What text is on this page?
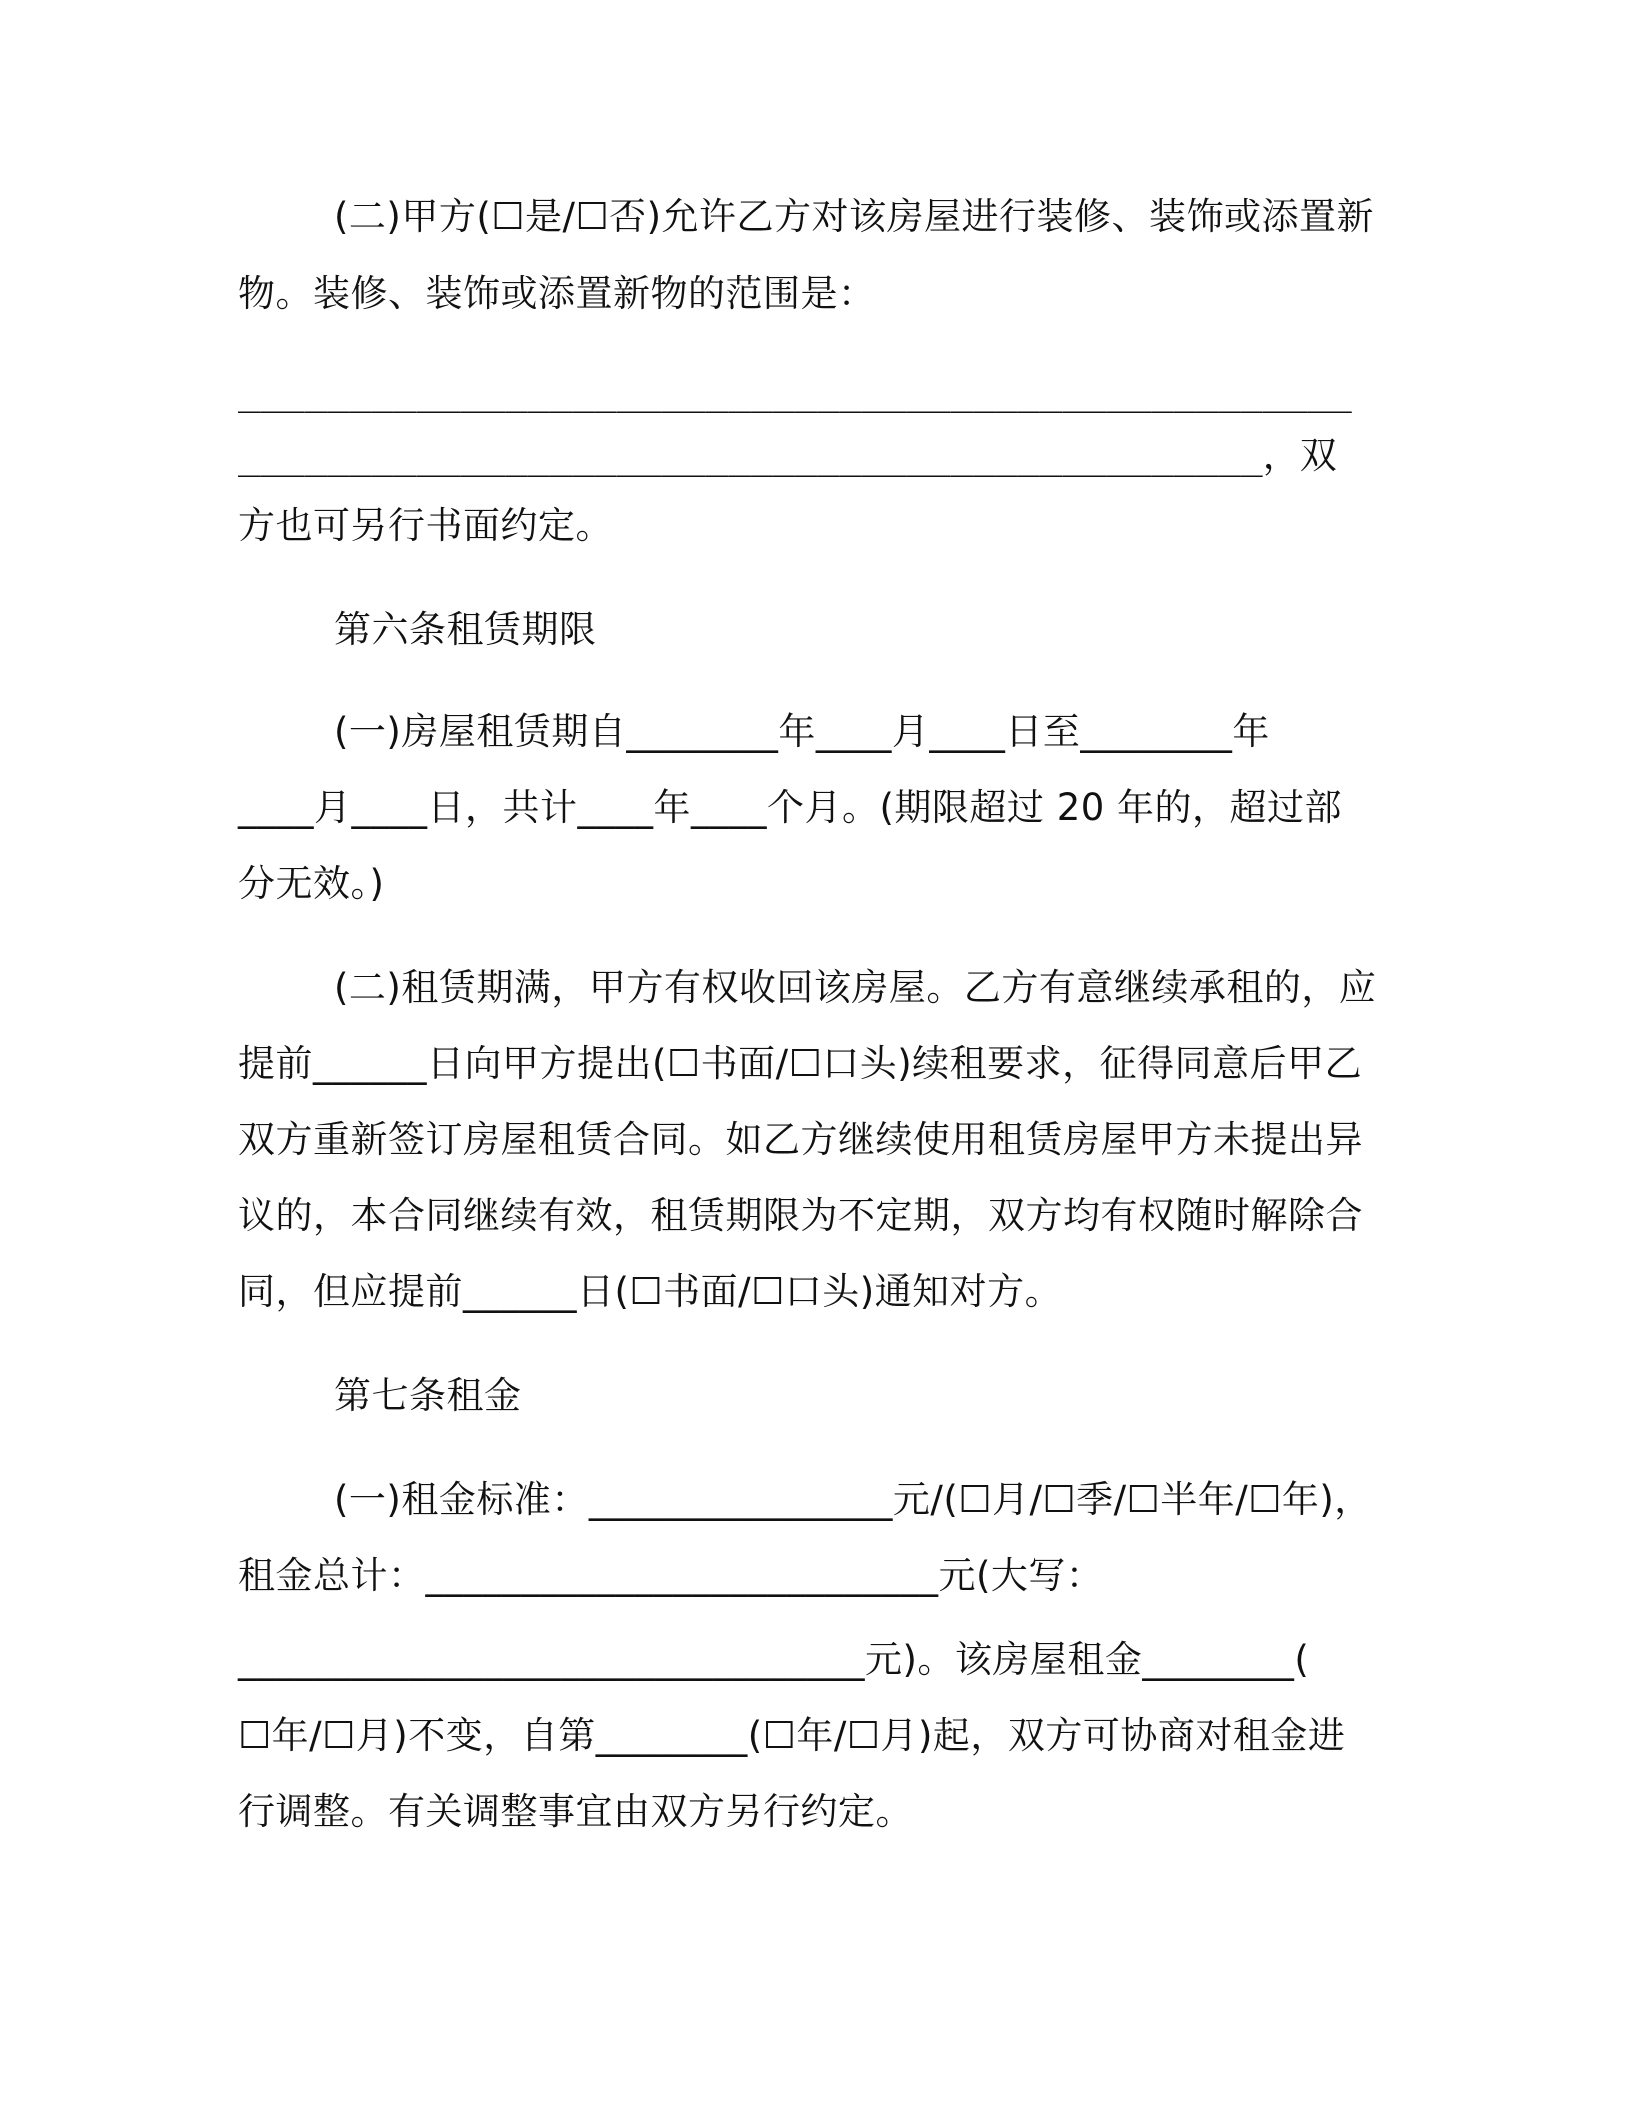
(二)甲方(☐是/☐否)允许乙方对该房屋进行装修、装饰或添置新
物。装修、装饰或添置新物的范围是：
__________________________________________________
______________________________________________，双
方也可另行书面约定。
第六条租赁期限
(一)房屋租赁期自________年____月____日至________年
____月____日，共计____年____个月。(期限超过 20 年的，超过部
分无效。)
(二)租赁期满，甲方有权收回该房屋。乙方有意继续承租的，应
提前______日向甲方提出(☐书面/☐口头)续租要求，征得同意后甲乙
双方重新签订房屋租赁合同。如乙方继续使用租赁房屋甲方未提出异
议的，本合同继续有效，租赁期限为不定期，双方均有权随时解除合
同，但应提前______日(☐书面/☐口头)通知对方。
第七条租金
(一)租金标准：________________元/(☐月/☐季/☐半年/☐年)，
租金总计：___________________________元(大写：
_________________________________元)。该房屋租金________(
☐年/☐月)不变，自第________(☐年/☐月)起，双方可协商对租金进
行调整。有关调整事宜由双方另行约定。
